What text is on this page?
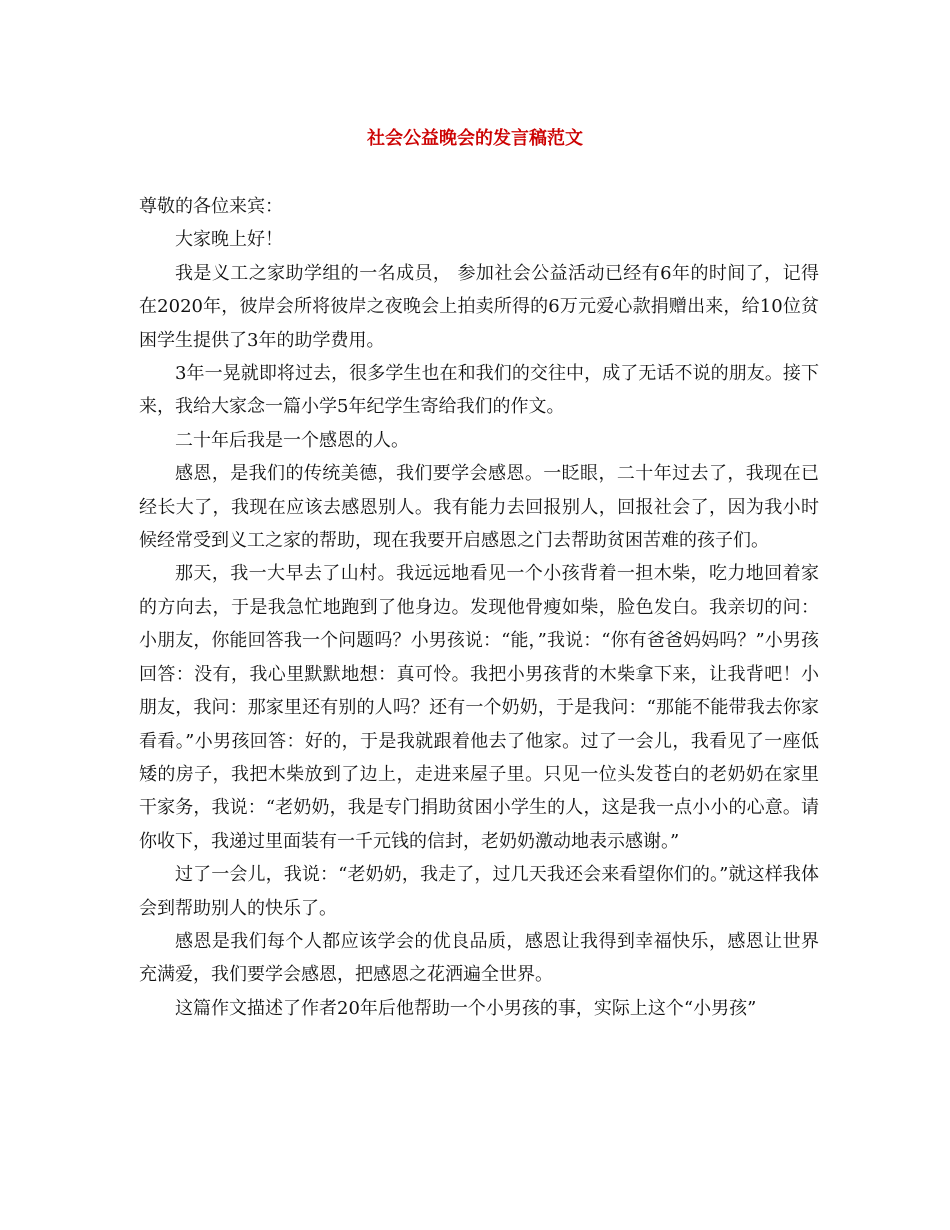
社会公益晚会的发言稿范文

尊敬的各位来宾：

大家晚上好！

我是义工之家助学组的一名成员， 参加社会公益活动已经有6年的时间了，记得在2020年，彼岸会所将彼岸之夜晚会上拍卖所得的6万元爱心款捐赠出来，给10位贫困学生提供了3年的助学费用。

3年一晃就即将过去，很多学生也在和我们的交往中，成了无话不说的朋友。接下来，我给大家念一篇小学5年纪学生寄给我们的作文。

二十年后我是一个感恩的人。

感恩，是我们的传统美德，我们要学会感恩。一眨眼，二十年过去了，我现在已经长大了，我现在应该去感恩别人。我有能力去回报别人，回报社会了，因为我小时候经常受到义工之家的帮助，现在我要开启感恩之门去帮助贫困苦难的孩子们。

那天，我一大早去了山村。我远远地看见一个小孩背着一担木柴，吃力地回着家的方向去，于是我急忙地跑到了他身边。发现他骨瘦如柴，脸色发白。我亲切的问：小朋友，你能回答我一个问题吗？小男孩说：“能，”我说：“你有爸爸妈妈吗？”小男孩回答：没有，我心里默默地想：真可怜。我把小男孩背的木柴拿下来，让我背吧！小朋友，我问：那家里还有别的人吗？还有一个奶奶，于是我问：“那能不能带我去你家看看。”小男孩回答：好的，于是我就跟着他去了他家。过了一会儿，我看见了一座低矮的房子，我把木柴放到了边上，走进来屋子里。只见一位头发苍白的老奶奶在家里干家务，我说：“老奶奶，我是专门捐助贫困小学生的人，这是我一点小小的心意。请你收下，我递过里面装有一千元钱的信封，老奶奶激动地表示感谢。”

过了一会儿，我说：“老奶奶，我走了，过几天我还会来看望你们的。”就这样我体会到帮助别人的快乐了。

感恩是我们每个人都应该学会的优良品质，感恩让我得到幸福快乐，感恩让世界充满爱，我们要学会感恩，把感恩之花洒遍全世界。

这篇作文描述了作者20年后他帮助一个小男孩的事，实际上这个“小男孩”
